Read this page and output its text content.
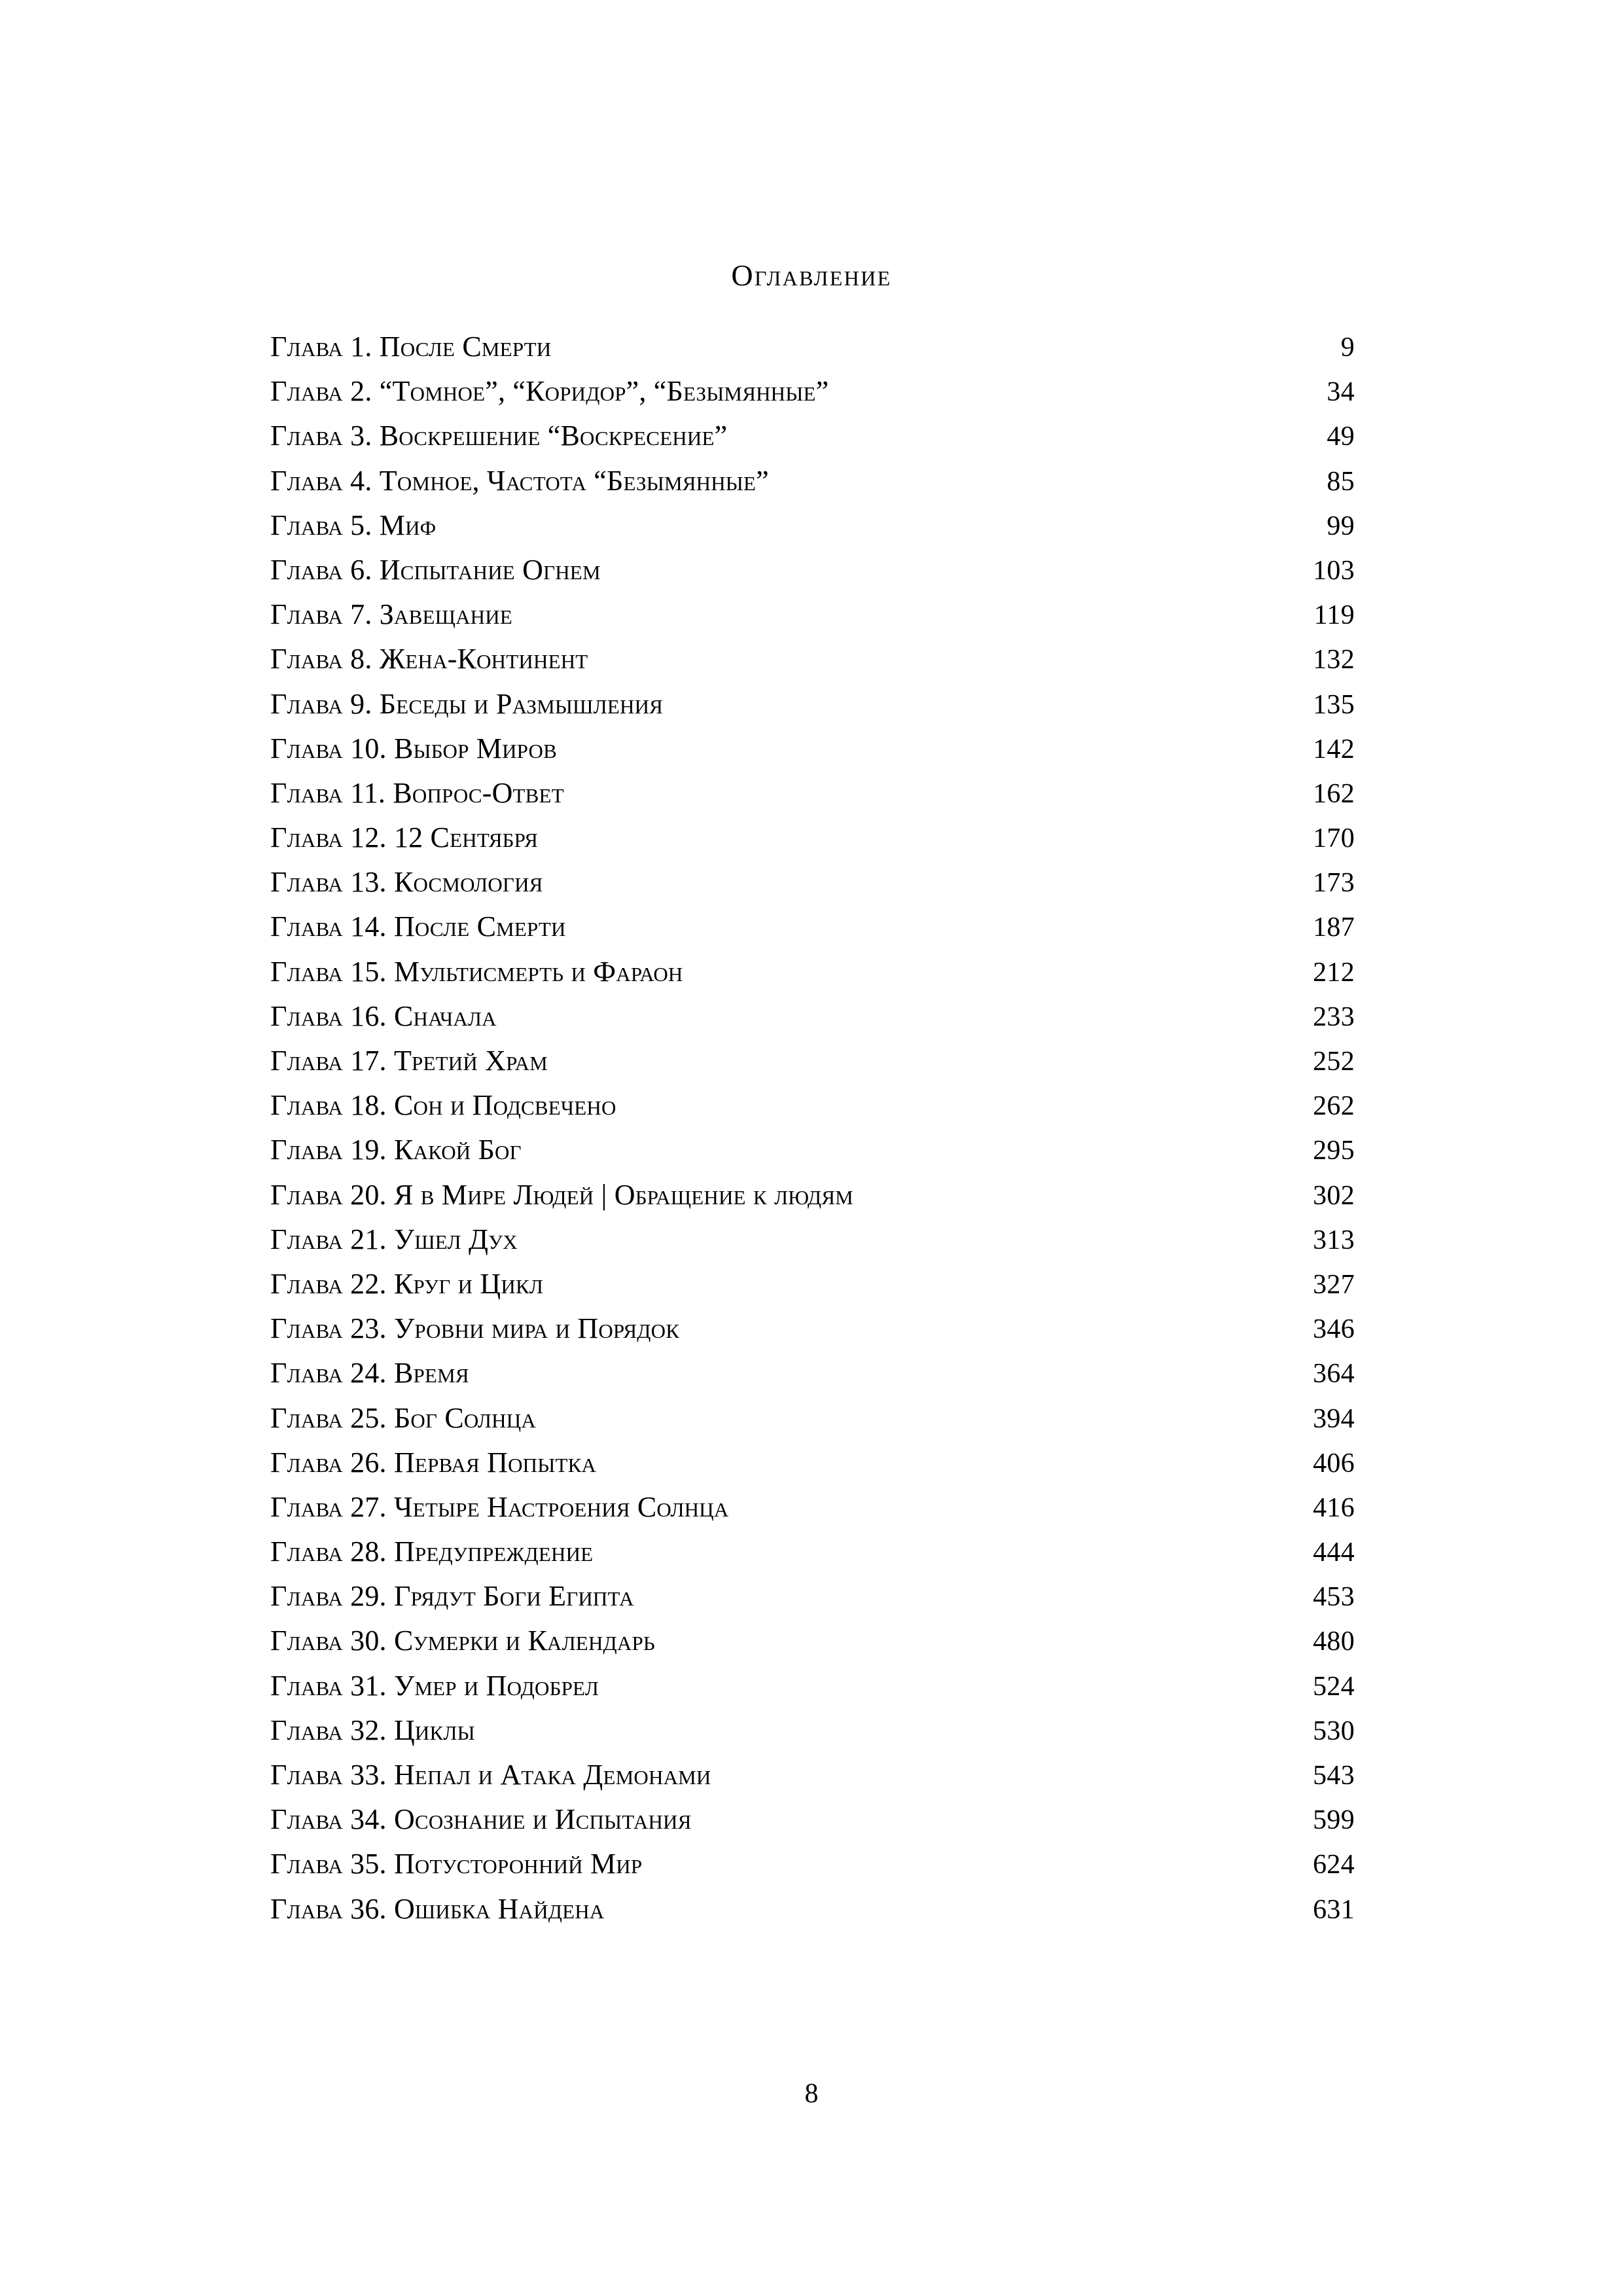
Оглавление
Глава 1. После Смерти	9
Глава 2. “Томное”, “Коридор”, “Безымянные”	34
Глава 3. Воскрешение “Воскресение”	49
Глава 4. Томное, Частота “Безымянные”	85
Глава 5. Миф	99
Глава 6. Испытание Огнем	103
Глава 7. Завещание	119
Глава 8. Жена-Континент	132
Глава 9. Беседы и Размышления	135
Глава 10. Выбор Миров	142
Глава 11. Вопрос-Ответ	162
Глава 12. 12 Сентября	170
Глава 13. Космология	173
Глава 14. После Смерти	187
Глава 15. Мультисмерть и Фараон	212
Глава 16. Сначала	233
Глава 17. Третий Храм	252
Глава 18. Сон и Подсвечено	262
Глава 19. Какой Бог	295
Глава 20. Я в Мире Людей | Обращение к людям	302
Глава 21. Ушел Дух	313
Глава 22. Круг и Цикл	327
Глава 23. Уровни мира и Порядок	346
Глава 24. Время	364
Глава 25. Бог Солнца	394
Глава 26. Первая Попытка	406
Глава 27. Четыре Настроения Солнца	416
Глава 28. Предупреждение	444
Глава 29. Грядут Боги Египта	453
Глава 30. Сумерки и Календарь	480
Глава 31. Умер и Подобрел	524
Глава 32. Циклы	530
Глава 33. Непал и Атака Демонами	543
Глава 34. Осознание и Испытания	599
Глава 35. Потусторонний Мир	624
Глава 36. Ошибка Найдена	631
8
